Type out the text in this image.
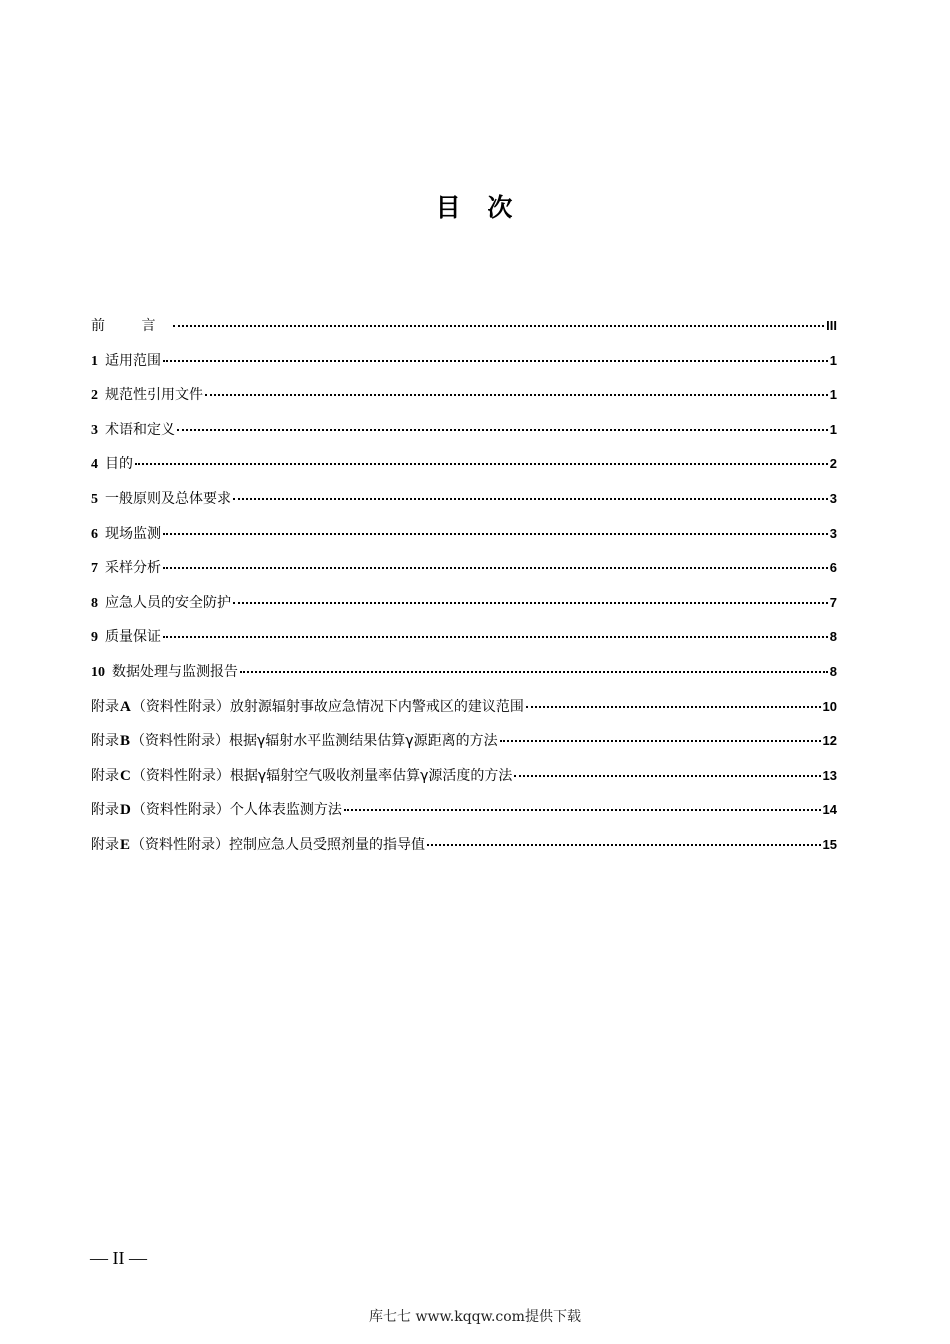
目 次
前 言	III
1 适用范围	1
2 规范性引用文件	1
3 术语和定义	1
4 目的	2
5 一般原则及总体要求	3
6 现场监测	3
7 采样分析	6
8 应急人员的安全防护	7
9 质量保证	8
10 数据处理与监测报告	8
附录 A （资料性附录）放射源辐射事故应急情况下内警戒区的建议范围	10
附录 B （资料性附录）根据γ辐射水平监测结果估算γ源距离的方法	12
附录 C （资料性附录）根据γ辐射空气吸收剂量率估算γ源活度的方法	13
附录 D （资料性附录）个人体表监测方法	14
附录 E （资料性附录）控制应急人员受照剂量的指导值	15
— II —
库七七 www.kqqw.com提供下载
